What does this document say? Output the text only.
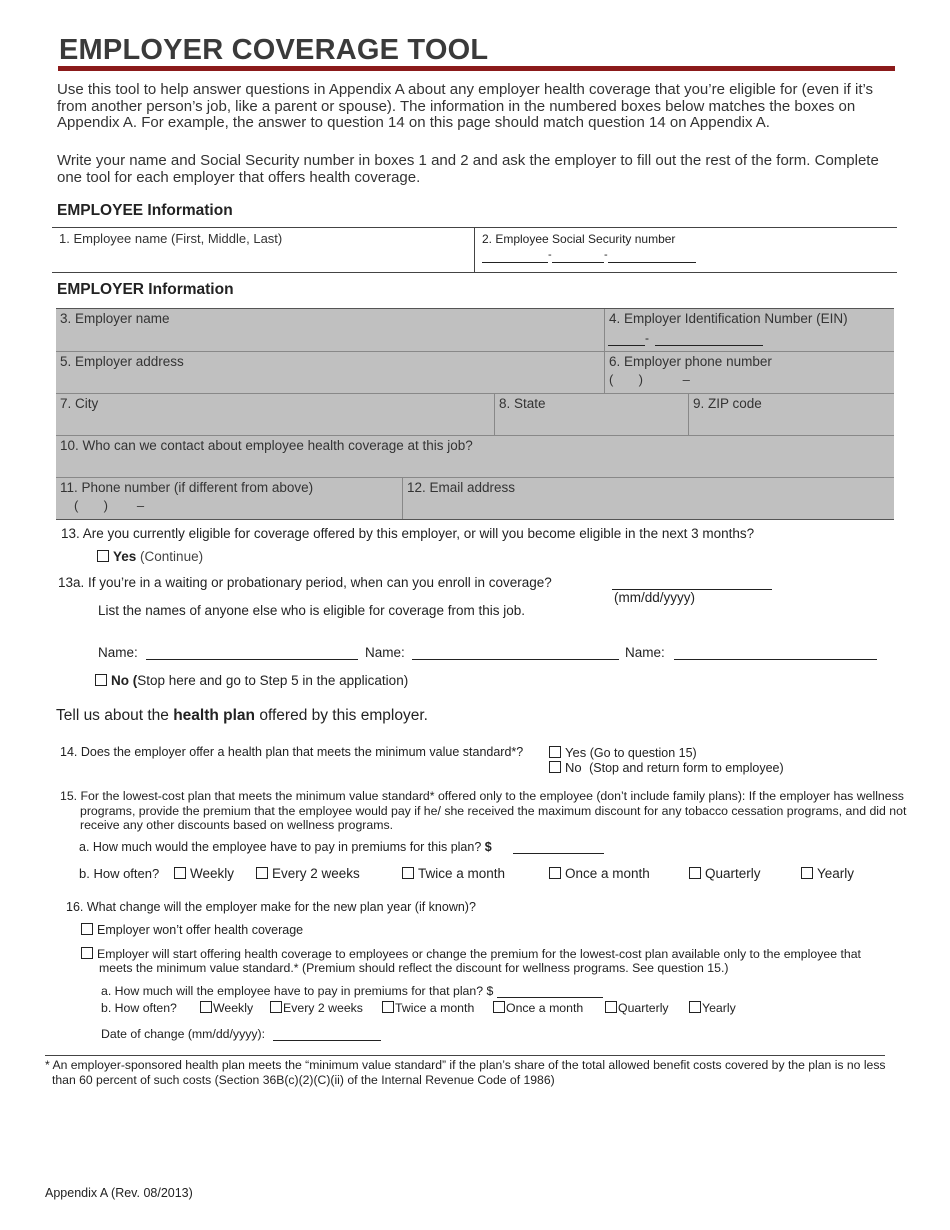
EMPLOYER COVERAGE TOOL
Use this tool to help answer questions in Appendix A about any employer health coverage that you’re eligible for (even if it’s from another person’s job, like a parent or spouse). The information in the numbered boxes below matches the boxes on Appendix A. For example, the answer to question 14 on this page should match question 14 on Appendix A.
Write your name and Social Security number in boxes 1 and 2 and ask the employer to fill out the rest of the form. Complete one tool for each employer that offers health coverage.
EMPLOYEE Information
1. Employee name (First, Middle, Last)	2. Employee Social Security number
-	-
EMPLOYER Information
3. Employer name	4. Employer Identification Number (EIN)
-
5. Employer address	6. Employer phone number
(       )           –
7. City	8. State	9. ZIP code
10. Who can we contact about employee health coverage at this job?
11. Phone number (if different from above)
(       )        –
12. Email address
13. Are you currently eligible for coverage offered by this employer, or will you become eligible in the next 3 months?
Yes (Continue)
13a. If you’re in a waiting or probationary period, when can you enroll in coverage?
(mm/dd/yyyy)
List the names of anyone else who is eligible for coverage from this job.
Name:	Name:	Name:
No (Stop here and go to Step 5 in the application)
Tell us about the health plan offered by this employer.
14. Does the employer offer a health plan that meets the minimum value standard*?	Yes (Go to question 15)
No (Stop and return form to employee)
15. For the lowest-cost plan that meets the minimum value standard* offered only to the employee (don’t include family plans): If the employer has wellness programs, provide the premium that the employee would pay if he/ she received the maximum discount for any tobacco cessation programs, and did not receive any other discounts based on wellness programs.
a. How much would the employee have to pay in premiums for this plan? $
b. How often?	Weekly	Every 2 weeks	Twice a month	Once a month	Quarterly	Yearly
16. What change will the employer make for the new plan year (if known)?
Employer won’t offer health coverage
Employer will start offering health coverage to employees or change the premium for the lowest-cost plan available only to the employee that meets the minimum value standard.* (Premium should reflect the discount for wellness programs. See question 15.)
a. How much will the employee have to pay in premiums for that plan? $
b. How often?	Weekly	Every 2 weeks	Twice a month	Once a month	Quarterly	Yearly
Date of change (mm/dd/yyyy):
* An employer-sponsored health plan meets the “minimum value standard” if the plan’s share of the total allowed benefit costs covered by the plan is no less than 60 percent of such costs (Section 36B(c)(2)(C)(ii) of the Internal Revenue Code of 1986)
Appendix A (Rev. 08/2013)
